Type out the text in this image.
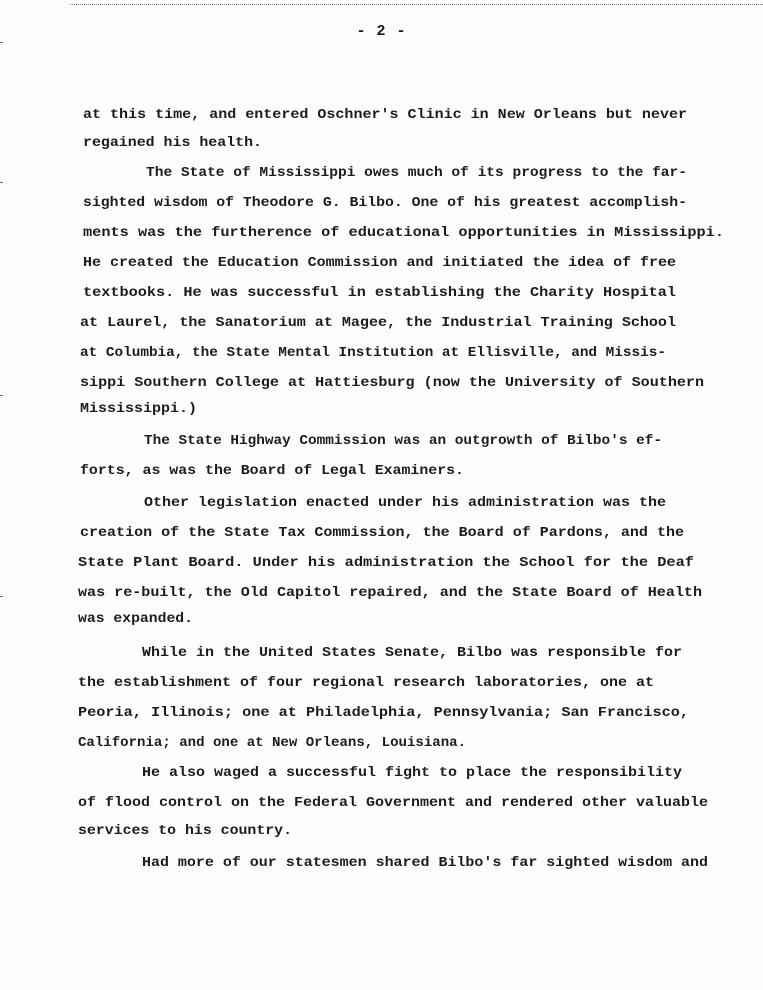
- 2 -

at this time, and entered Oschner's Clinic in New Orleans but never

regained his health.

The State of Mississippi owes much of its progress to the far-

sighted wisdom of Theodore G. Bilbo. One of his greatest accomplish-

ments was the furtherence of educational opportunities in Mississippi.

He created the Education Commission and initiated the idea of free

textbooks. He was successful in establishing the Charity Hospital

at Laurel, the Sanatorium at Magee, the Industrial Training School

at Columbia, the State Mental Institution at Ellisville, and Missis-

sippi Southern College at Hattiesburg (now the University of Southern

Mississippi.)

The State Highway Commission was an outgrowth of Bilbo's ef-

forts, as was the Board of Legal Examiners.

Other legislation enacted under his administration was the

creation of the State Tax Commission, the Board of Pardons, and the

State Plant Board. Under his administration the School for the Deaf

was re-built, the Old Capitol repaired, and the State Board of Health

was expanded.

While in the United States Senate, Bilbo was responsible for

the establishment of four regional research laboratories, one at

Peoria, Illinois; one at Philadelphia, Pennsylvania; San Francisco,

California; and one at New Orleans, Louisiana.

He also waged a successful fight to place the responsibility

of flood control on the Federal Government and rendered other valuable

services to his country.

Had more of our statesmen shared Bilbo's far sighted wisdom and
